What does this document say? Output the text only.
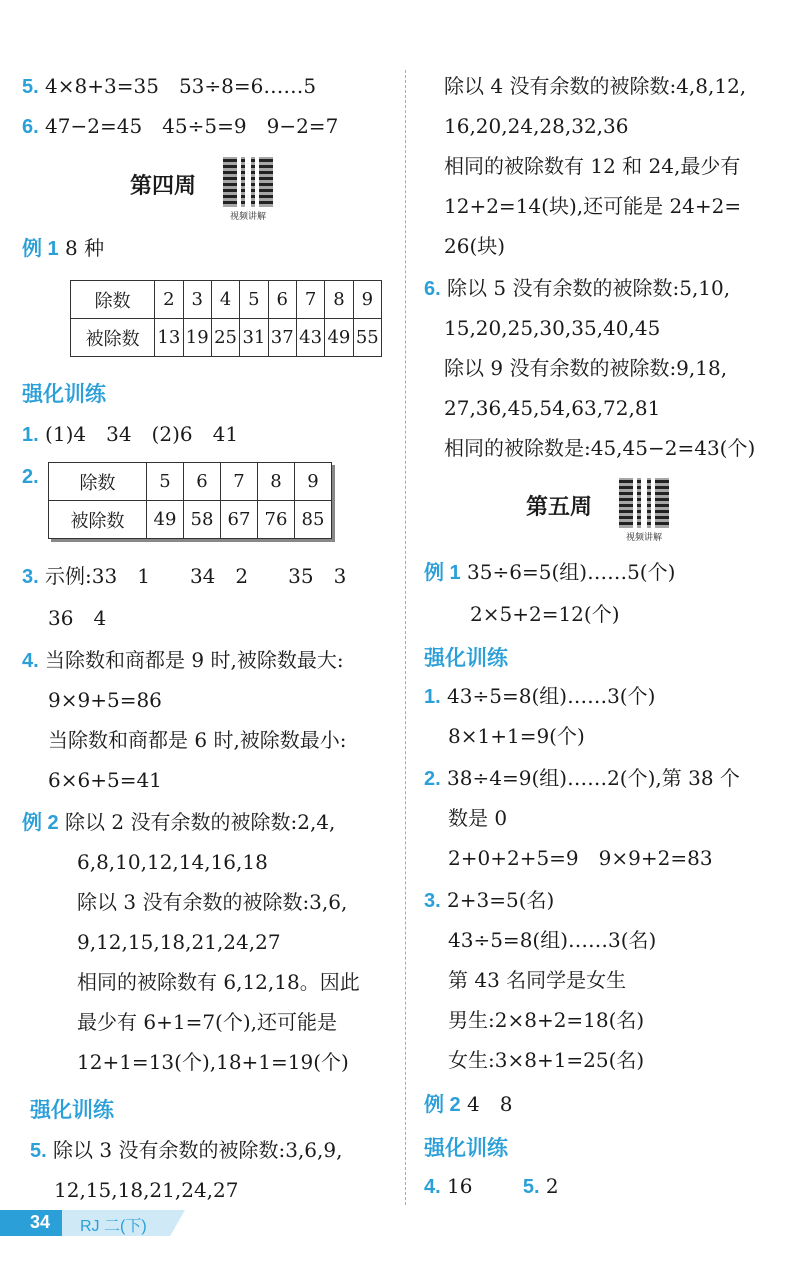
5. 4×8+3=35　53÷8=6……5
6. 47−2=45　45÷5=9　9−2=7
第四周
视频讲解
例 1 8 种
除数	2	3	4	5	6	7	8	9
被除数	13	19	25	31	37	43	49	55
强化训练
1. (1)4　34　(2)6　41
2.	除数	5	6	7	8	9
被除数	49	58	67	76	85
3. 示例:33　1　　34　2　　35　3
36　4
4. 当除数和商都是 9 时,被除数最大:
9×9+5=86
当除数和商都是 6 时,被除数最小:
6×6+5=41
例 2 除以 2 没有余数的被除数:2,4,
6,8,10,12,14,16,18
除以 3 没有余数的被除数:3,6,
9,12,15,18,21,24,27
相同的被除数有 6,12,18。因此
最少有 6+1=7(个),还可能是
12+1=13(个),18+1=19(个)
强化训练
5. 除以 3 没有余数的被除数:3,6,9,
12,15,18,21,24,27
除以 4 没有余数的被除数:4,8,12,
16,20,24,28,32,36
相同的被除数有 12 和 24,最少有
12+2=14(块),还可能是 24+2=
26(块)
6. 除以 5 没有余数的被除数:5,10,
15,20,25,30,35,40,45
除以 9 没有余数的被除数:9,18,
27,36,45,54,63,72,81
相同的被除数是:45,45−2=43(个)
第五周
视频讲解
例 1 35÷6=5(组)……5(个)
2×5+2=12(个)
强化训练
1. 43÷5=8(组)……3(个)
8×1+1=9(个)
2. 38÷4=9(组)……2(个),第 38 个
数是 0
2+0+2+5=9　9×9+2=83
3. 2+3=5(名)
43÷5=8(组)……3(名)
第 43 名同学是女生
男生:2×8+2=18(名)
女生:3×8+1=25(名)
例 2 4　8
强化训练
4. 16	5. 2
34 RJ 二(下)
